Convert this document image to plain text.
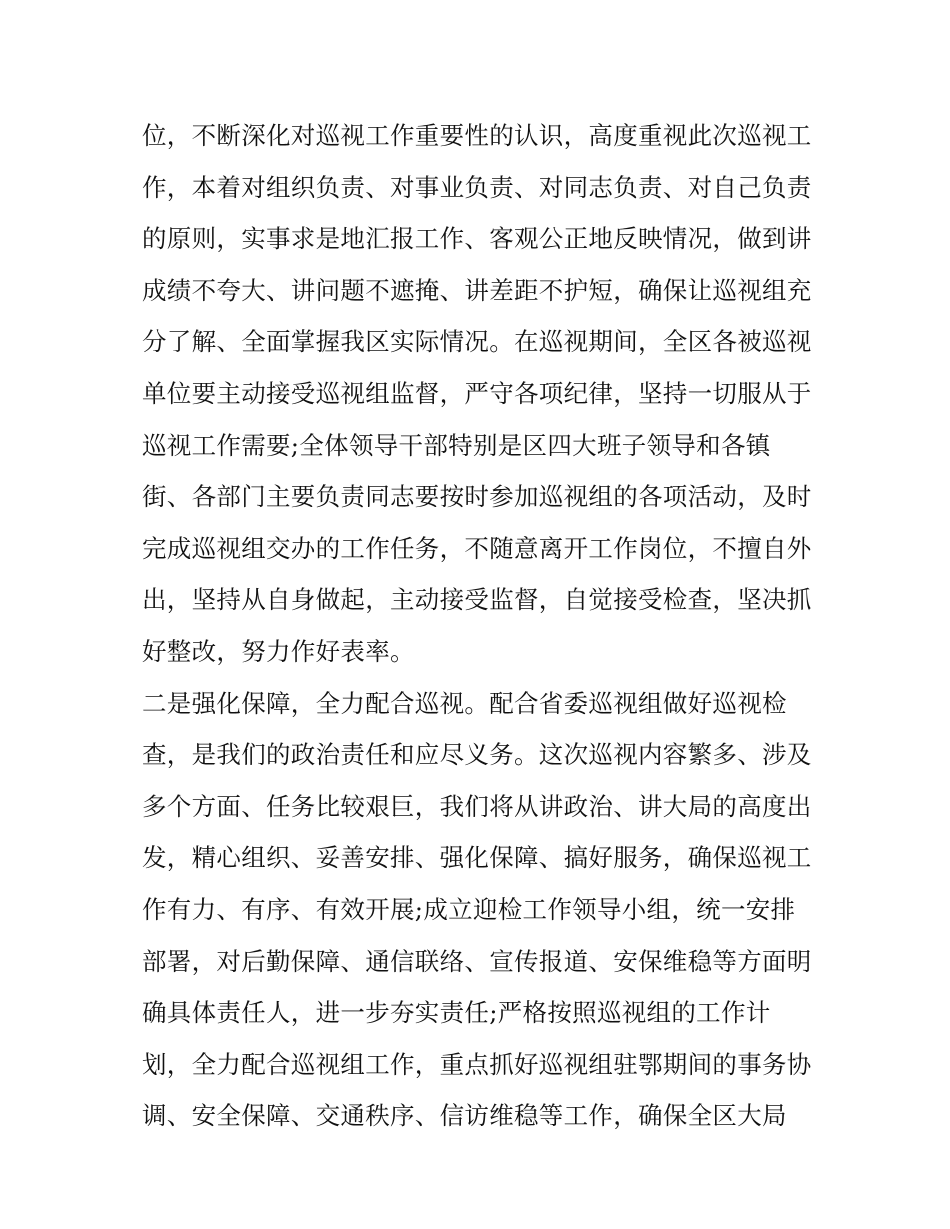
位，不断深化对巡视工作重要性的认识，高度重视此次巡视工
作，本着对组织负责、对事业负责、对同志负责、对自己负责
的原则，实事求是地汇报工作、客观公正地反映情况，做到讲
成绩不夸大、讲问题不遮掩、讲差距不护短，确保让巡视组充
分了解、全面掌握我区实际情况。在巡视期间，全区各被巡视
单位要主动接受巡视组监督，严守各项纪律，坚持一切服从于
巡视工作需要;全体领导干部特别是区四大班子领导和各镇
街、各部门主要负责同志要按时参加巡视组的各项活动，及时
完成巡视组交办的工作任务，不随意离开工作岗位，不擅自外
出，坚持从自身做起，主动接受监督，自觉接受检查，坚决抓
好整改，努力作好表率。
二是强化保障，全力配合巡视。配合省委巡视组做好巡视检
查，是我们的政治责任和应尽义务。这次巡视内容繁多、涉及
多个方面、任务比较艰巨，我们将从讲政治、讲大局的高度出
发，精心组织、妥善安排、强化保障、搞好服务，确保巡视工
作有力、有序、有效开展;成立迎检工作领导小组，统一安排
部署，对后勤保障、通信联络、宣传报道、安保维稳等方面明
确具体责任人，进一步夯实责任;严格按照巡视组的工作计
划，全力配合巡视组工作，重点抓好巡视组驻鄂期间的事务协
调、安全保障、交通秩序、信访维稳等工作，确保全区大局
